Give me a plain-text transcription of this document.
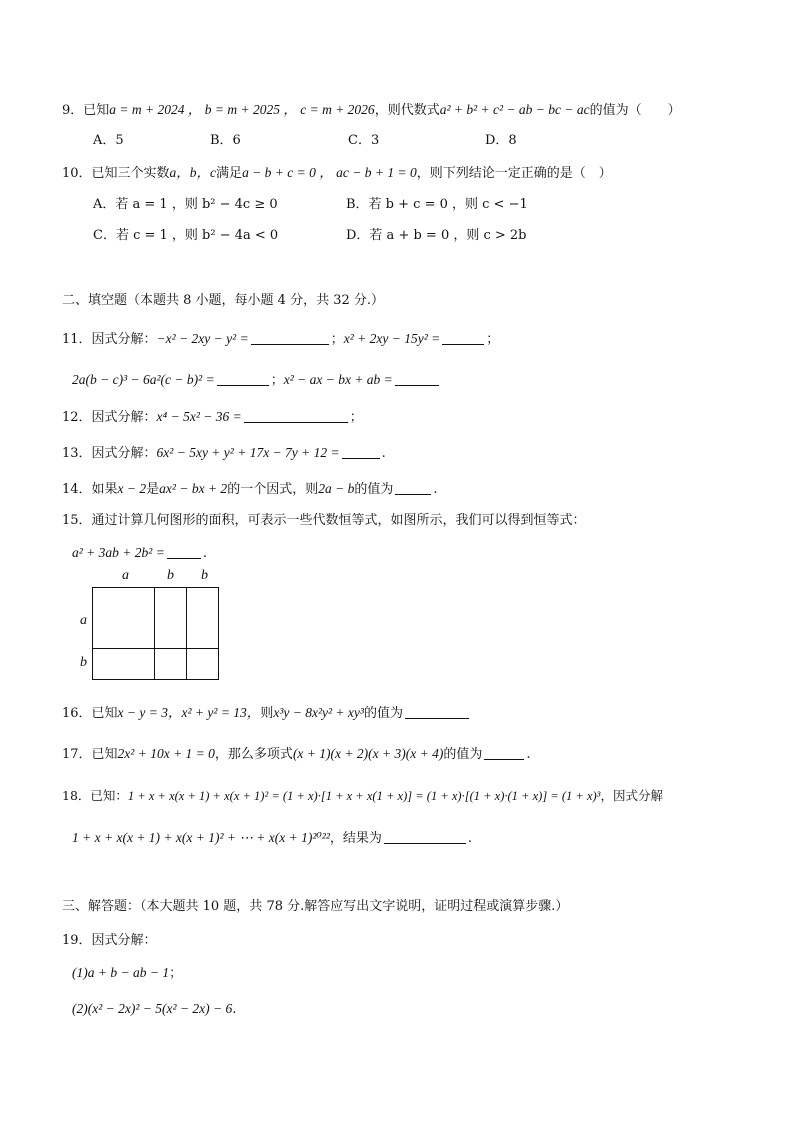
9．已知a = m + 2024 ， b = m + 2025 ， c = m + 2026，则代数式a² + b² + c² − ab − bc − ac的值为（　　）
A．5	B．6	C．3	D．8
10．已知三个实数a，b，c满足a − b + c = 0 ， ac − b + 1 = 0，则下列结论一定正确的是（　）
A．若 a = 1 ，则 b² − 4c ≥ 0	B．若 b + c = 0 ，则 c < −1
C．若 c = 1 ，则 b² − 4a < 0	D．若 a + b = 0 ，则 c > 2b
二、填空题（本题共 8 小题，每小题 4 分，共 32 分.）
11．因式分解：−x² − 2xy − y² =	；x² + 2xy − 15y² =	；
2a(b − c)³ − 6a²(c − b)² =	；x² − ax − bx + ab =
12．因式分解：x⁴ − 5x² − 36 =	；
13．因式分解：6x² − 5xy + y² + 17x − 7y + 12 =	.
14．如果x − 2是ax² − bx + 2的一个因式，则2a − b的值为	.
15．通过计算几何图形的面积，可表示一些代数恒等式，如图所示，我们可以得到恒等式：
a² + 3ab + 2b² =	.
a	b b
a
b
16．已知x − y = 3，x² + y² = 13，则x³y − 8x²y² + xy³的值为
17．已知2x² + 10x + 1 = 0，那么多项式(x + 1)(x + 2)(x + 3)(x + 4)的值为	.
18．已知：1 + x + x(x + 1) + x(x + 1)² = (1 + x)·[1 + x + x(1 + x)] = (1 + x)·[(1 + x)·(1 + x)] = (1 + x)³，因式分解
1 + x + x(x + 1) + x(x + 1)² + ⋯ + x(x + 1)²⁰²²，结果为	.
三、解答题：（本大题共 10 题，共 78 分.解答应写出文字说明，证明过程或演算步骤.）
19．因式分解：
(1)a + b − ab − 1；
(2)(x² − 2x)² − 5(x² − 2x) − 6.
